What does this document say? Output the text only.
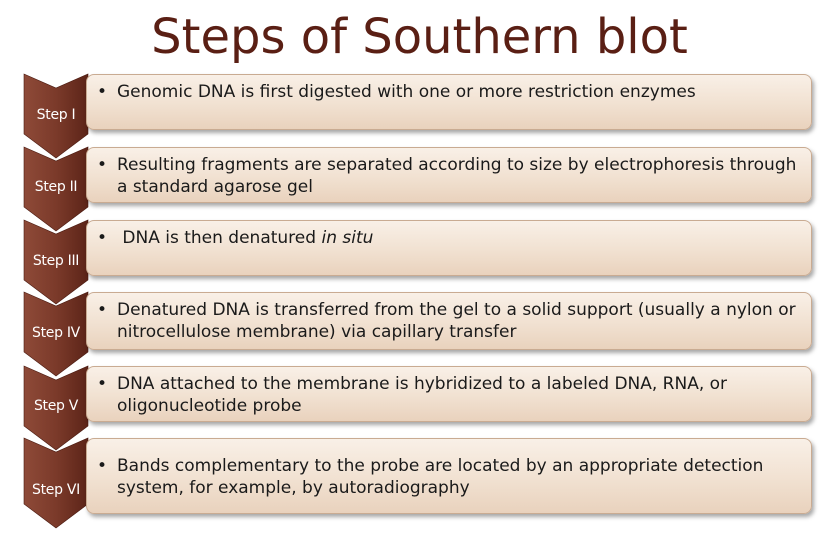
Steps of Southern blot
Step I
• Genomic DNA is first digested with one or more restriction enzymes
Step II
• Resulting fragments are separated according to size by electrophoresis through a standard agarose gel
Step III
• DNA is then denatured in situ
Step IV
• Denatured DNA is transferred from the gel to a solid support (usually a nylon or nitrocellulose membrane) via capillary transfer
Step V
• DNA attached to the membrane is hybridized to a labeled DNA, RNA, or oligonucleotide probe
Step VI
• Bands complementary to the probe are located by an appropriate detection system, for example, by autoradiography
